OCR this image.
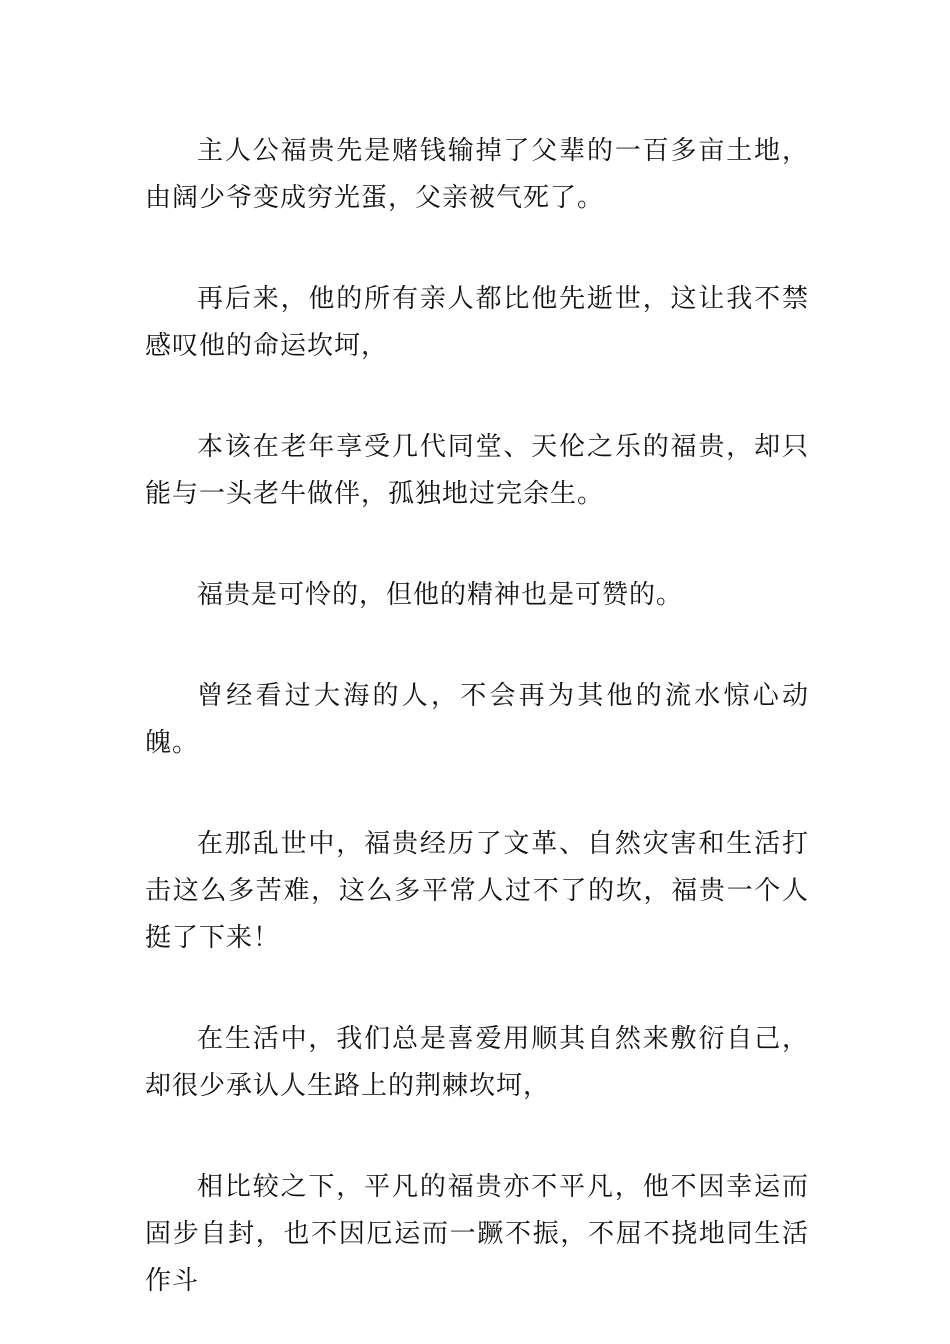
主人公福贵先是赌钱输掉了父辈的一百多亩土地，由阔少爷变成穷光蛋，父亲被气死了。

再后来，他的所有亲人都比他先逝世，这让我不禁感叹他的命运坎坷，

本该在老年享受几代同堂、天伦之乐的福贵，却只能与一头老牛做伴，孤独地过完余生。

福贵是可怜的，但他的精神也是可赞的。

曾经看过大海的人，不会再为其他的流水惊心动魄。

在那乱世中，福贵经历了文革、自然灾害和生活打击这么多苦难，这么多平常人过不了的坎，福贵一个人挺了下来！

在生活中，我们总是喜爱用顺其自然来敷衍自己，却很少承认人生路上的荆棘坎坷，

相比较之下，平凡的福贵亦不平凡，他不因幸运而固步自封，也不因厄运而一蹶不振，不屈不挠地同生活作斗
